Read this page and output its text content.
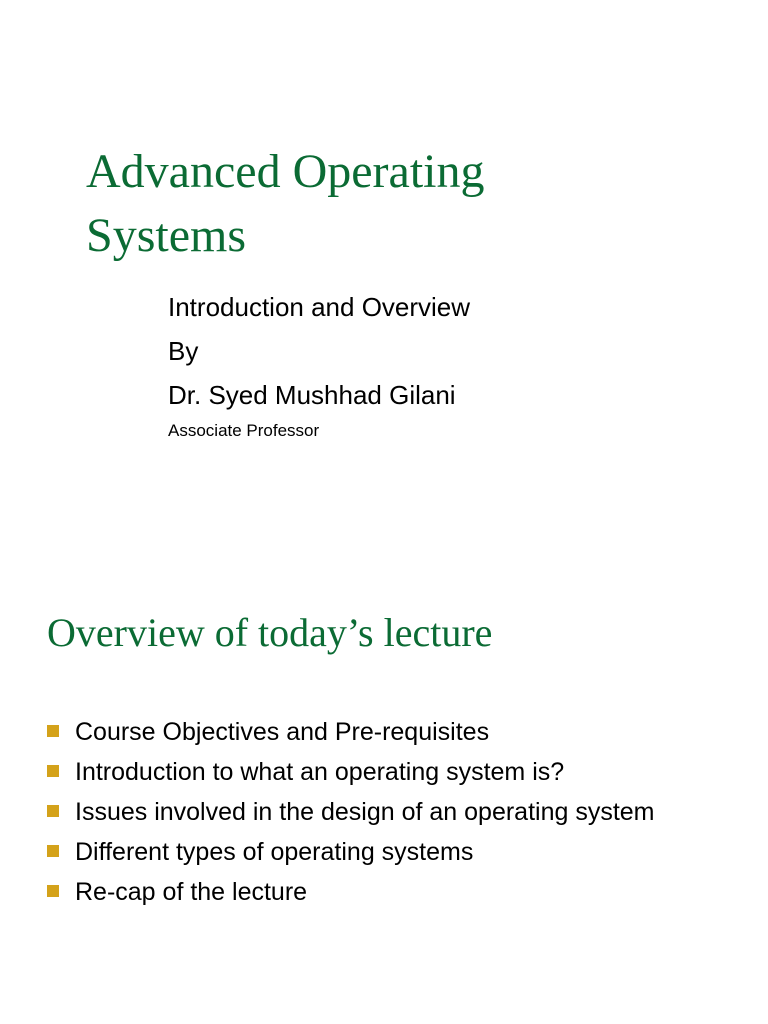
Advanced Operating
Systems
Introduction and Overview
By
Dr. Syed Mushhad Gilani
Associate Professor
Overview of today’s lecture
Course Objectives and Pre-requisites
Introduction to what an operating system is?
Issues involved in the design of an operating system
Different types of operating systems
Re-cap of the lecture
